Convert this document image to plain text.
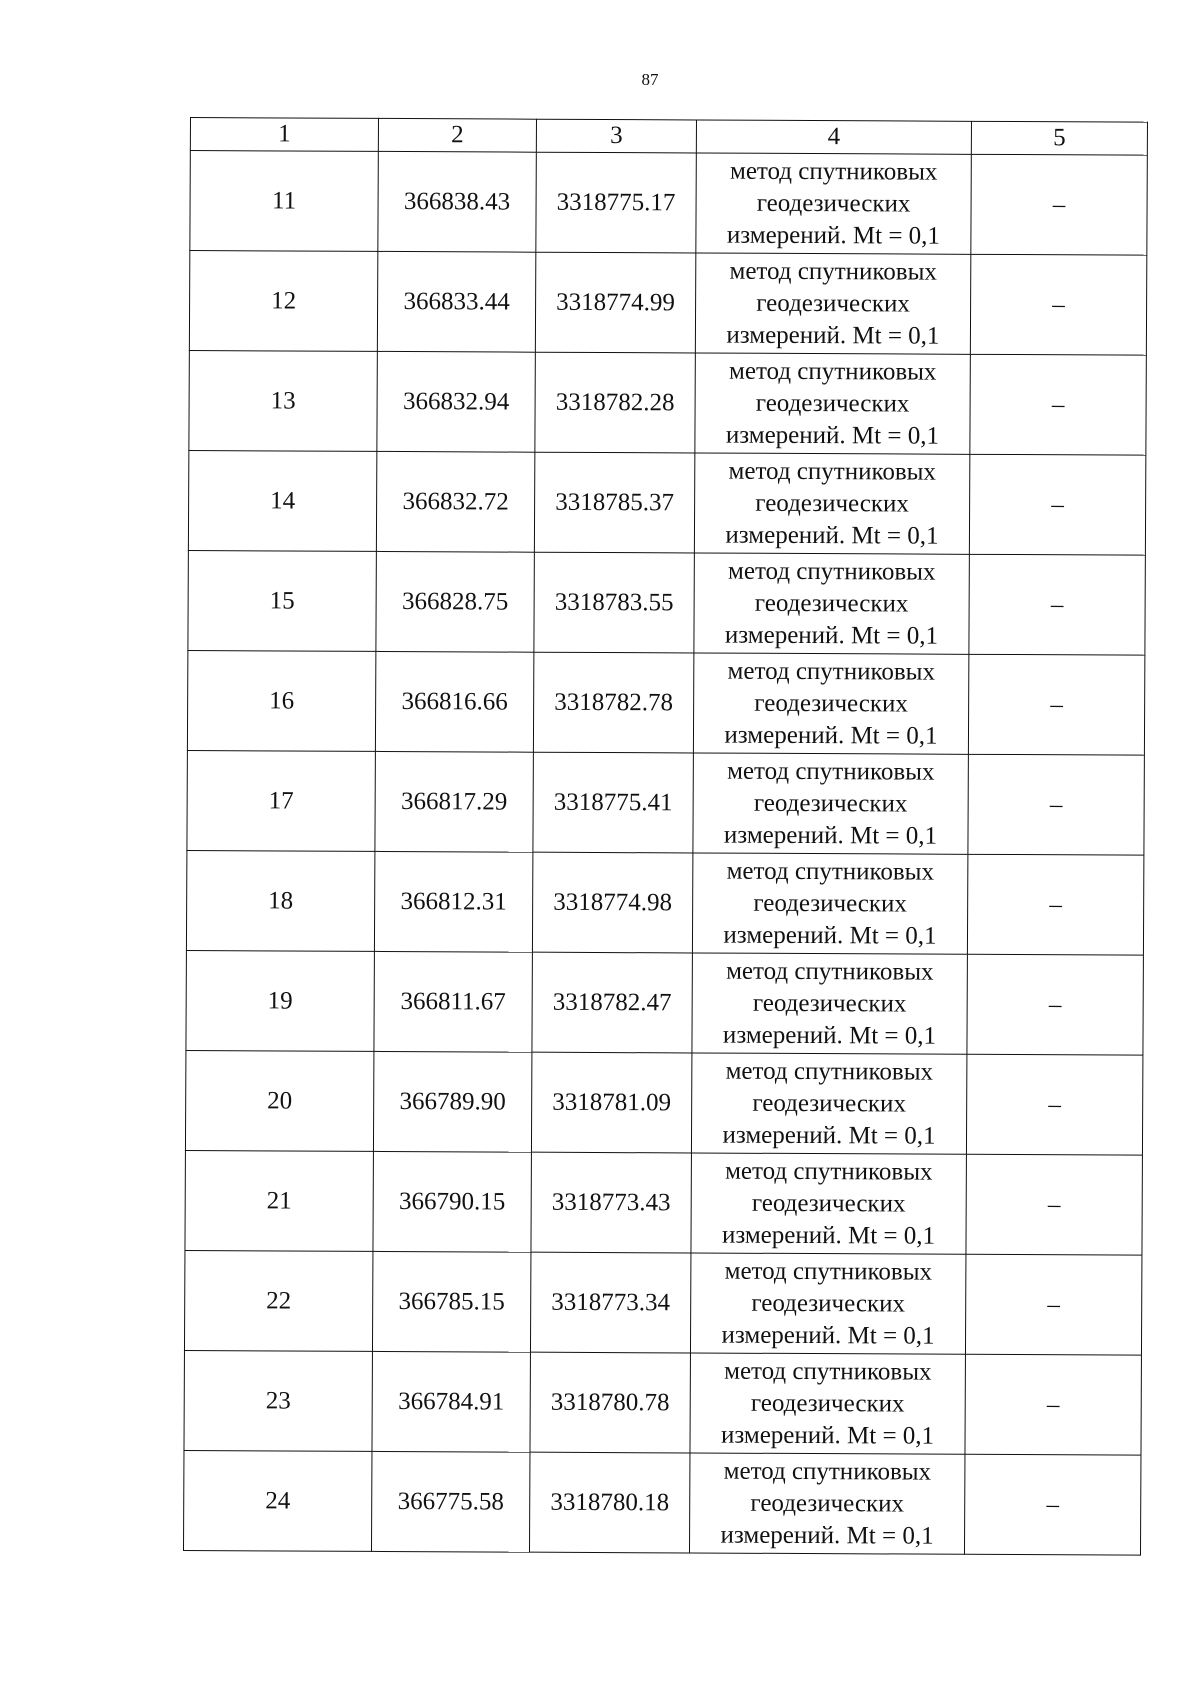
87
1	2	3	4	5
11	366838.43	3318775.17	метод спутниковых геодезических измерений. Mt = 0,1	–
12	366833.44	3318774.99	метод спутниковых геодезических измерений. Mt = 0,1	–
13	366832.94	3318782.28	метод спутниковых геодезических измерений. Mt = 0,1	–
14	366832.72	3318785.37	метод спутниковых геодезических измерений. Mt = 0,1	–
15	366828.75	3318783.55	метод спутниковых геодезических измерений. Mt = 0,1	–
16	366816.66	3318782.78	метод спутниковых геодезических измерений. Mt = 0,1	–
17	366817.29	3318775.41	метод спутниковых геодезических измерений. Mt = 0,1	–
18	366812.31	3318774.98	метод спутниковых геодезических измерений. Mt = 0,1	–
19	366811.67	3318782.47	метод спутниковых геодезических измерений. Mt = 0,1	–
20	366789.90	3318781.09	метод спутниковых геодезических измерений. Mt = 0,1	–
21	366790.15	3318773.43	метод спутниковых геодезических измерений. Mt = 0,1	–
22	366785.15	3318773.34	метод спутниковых геодезических измерений. Mt = 0,1	–
23	366784.91	3318780.78	метод спутниковых геодезических измерений. Mt = 0,1	–
24	366775.58	3318780.18	метод спутниковых геодезических измерений. Mt = 0,1	–
